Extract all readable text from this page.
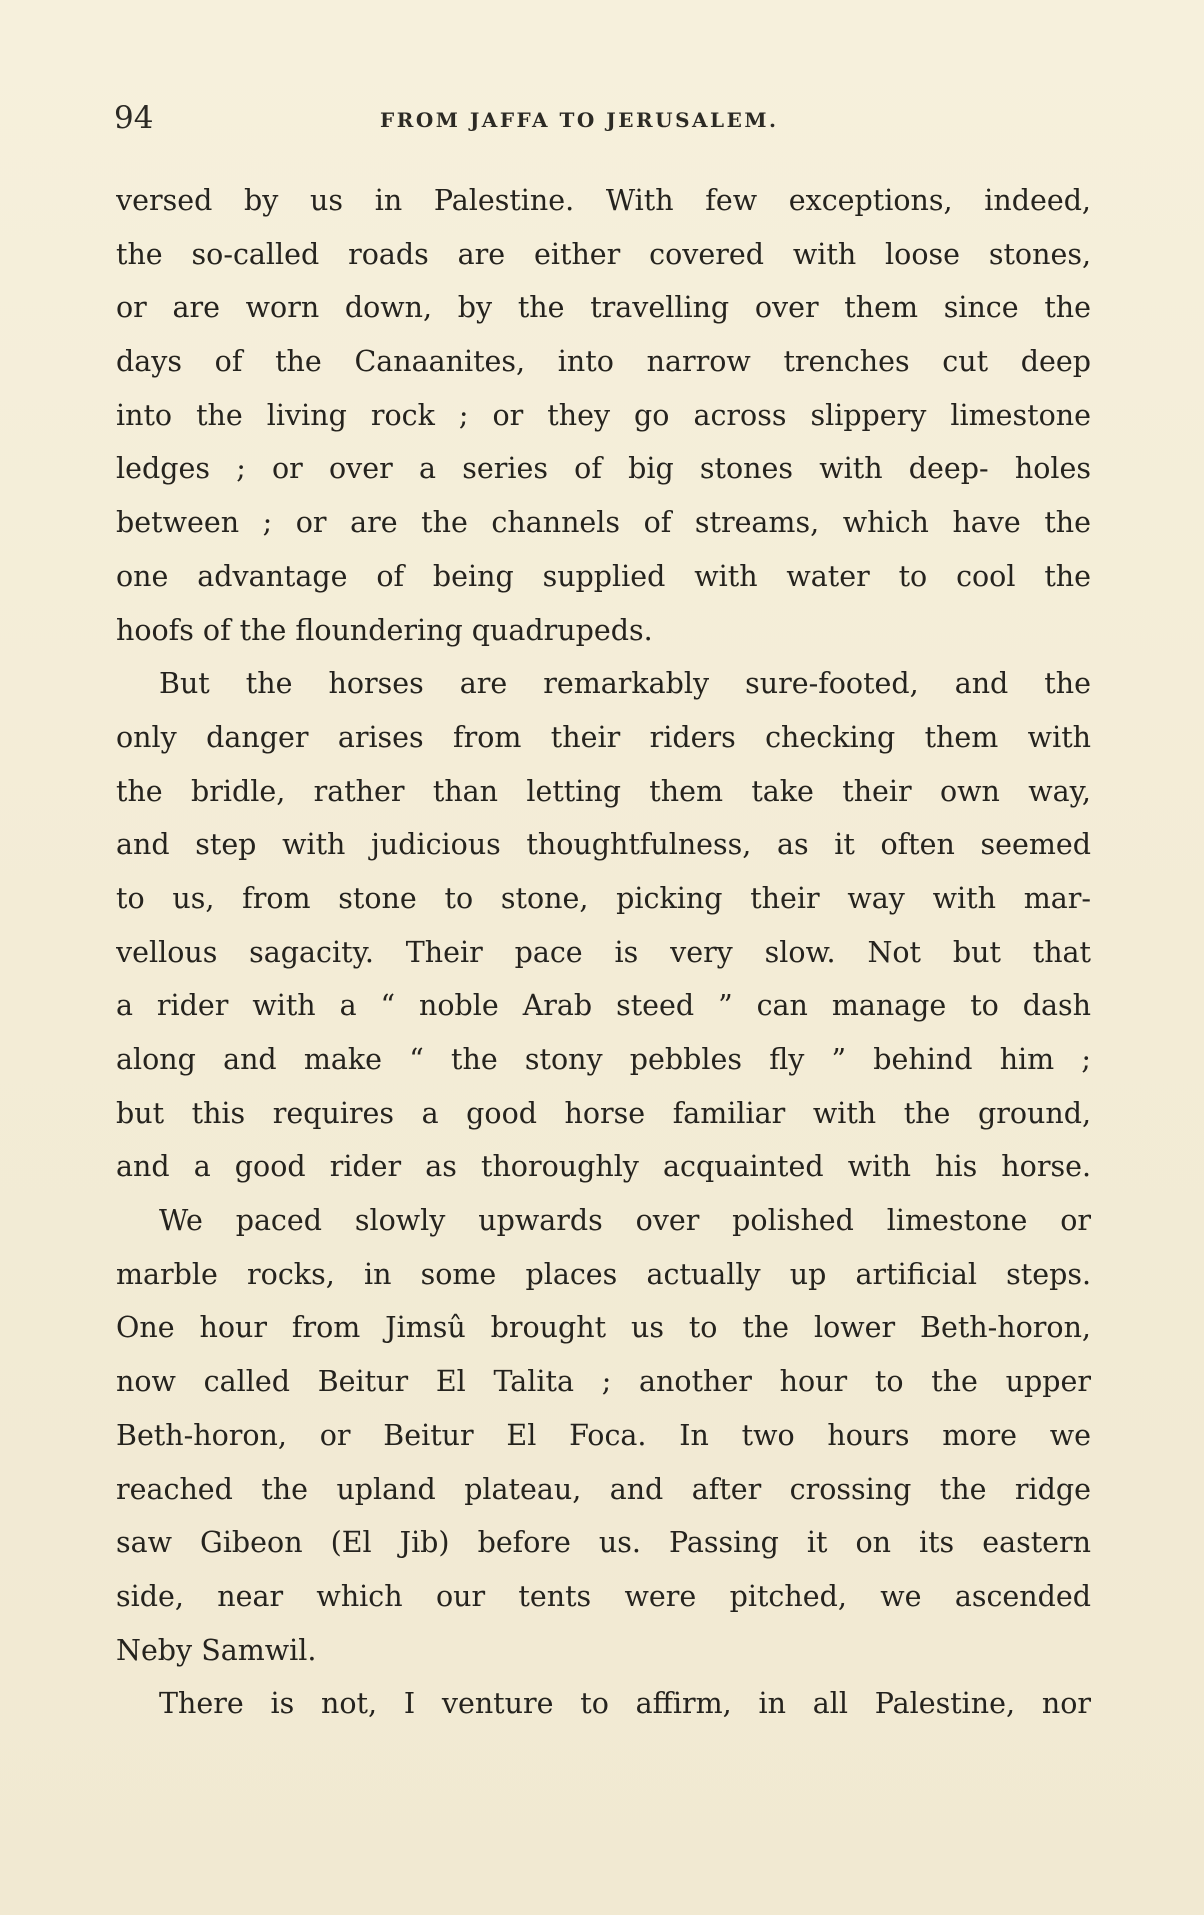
94	FROM JAFFA TO JERUSALEM.
versed by us in Palestine. With few exceptions, indeed,
the so-called roads are either covered with loose stones,
or are worn down, by the travelling over them since the
days of the Canaanites, into narrow trenches cut deep
into the living rock ; or they go across slippery limestone
ledges ; or over a series of big stones with deep- holes
between ; or are the channels of streams, which have the
one advantage of being supplied with water to cool the
hoofs of the floundering quadrupeds.
But the horses are remarkably sure-footed, and the
only danger arises from their riders checking them with
the bridle, rather than letting them take their own way,
and step with judicious thoughtfulness, as it often seemed
to us, from stone to stone, picking their way with mar-
vellous sagacity. Their pace is very slow. Not but that
a rider with a “ noble Arab steed ” can manage to dash
along and make “ the stony pebbles fly ” behind him ;
but this requires a good horse familiar with the ground,
and a good rider as thoroughly acquainted with his horse.
We paced slowly upwards over polished limestone or
marble rocks, in some places actually up artificial steps.
One hour from Jimsû brought us to the lower Beth-horon,
now called Beitur El Talita ; another hour to the upper
Beth-horon, or Beitur El Foca. In two hours more we
reached the upland plateau, and after crossing the ridge
saw Gibeon (El Jib) before us. Passing it on its eastern
side, near which our tents were pitched, we ascended
Neby Samwil.
There is not, I venture to affirm, in all Palestine, nor
